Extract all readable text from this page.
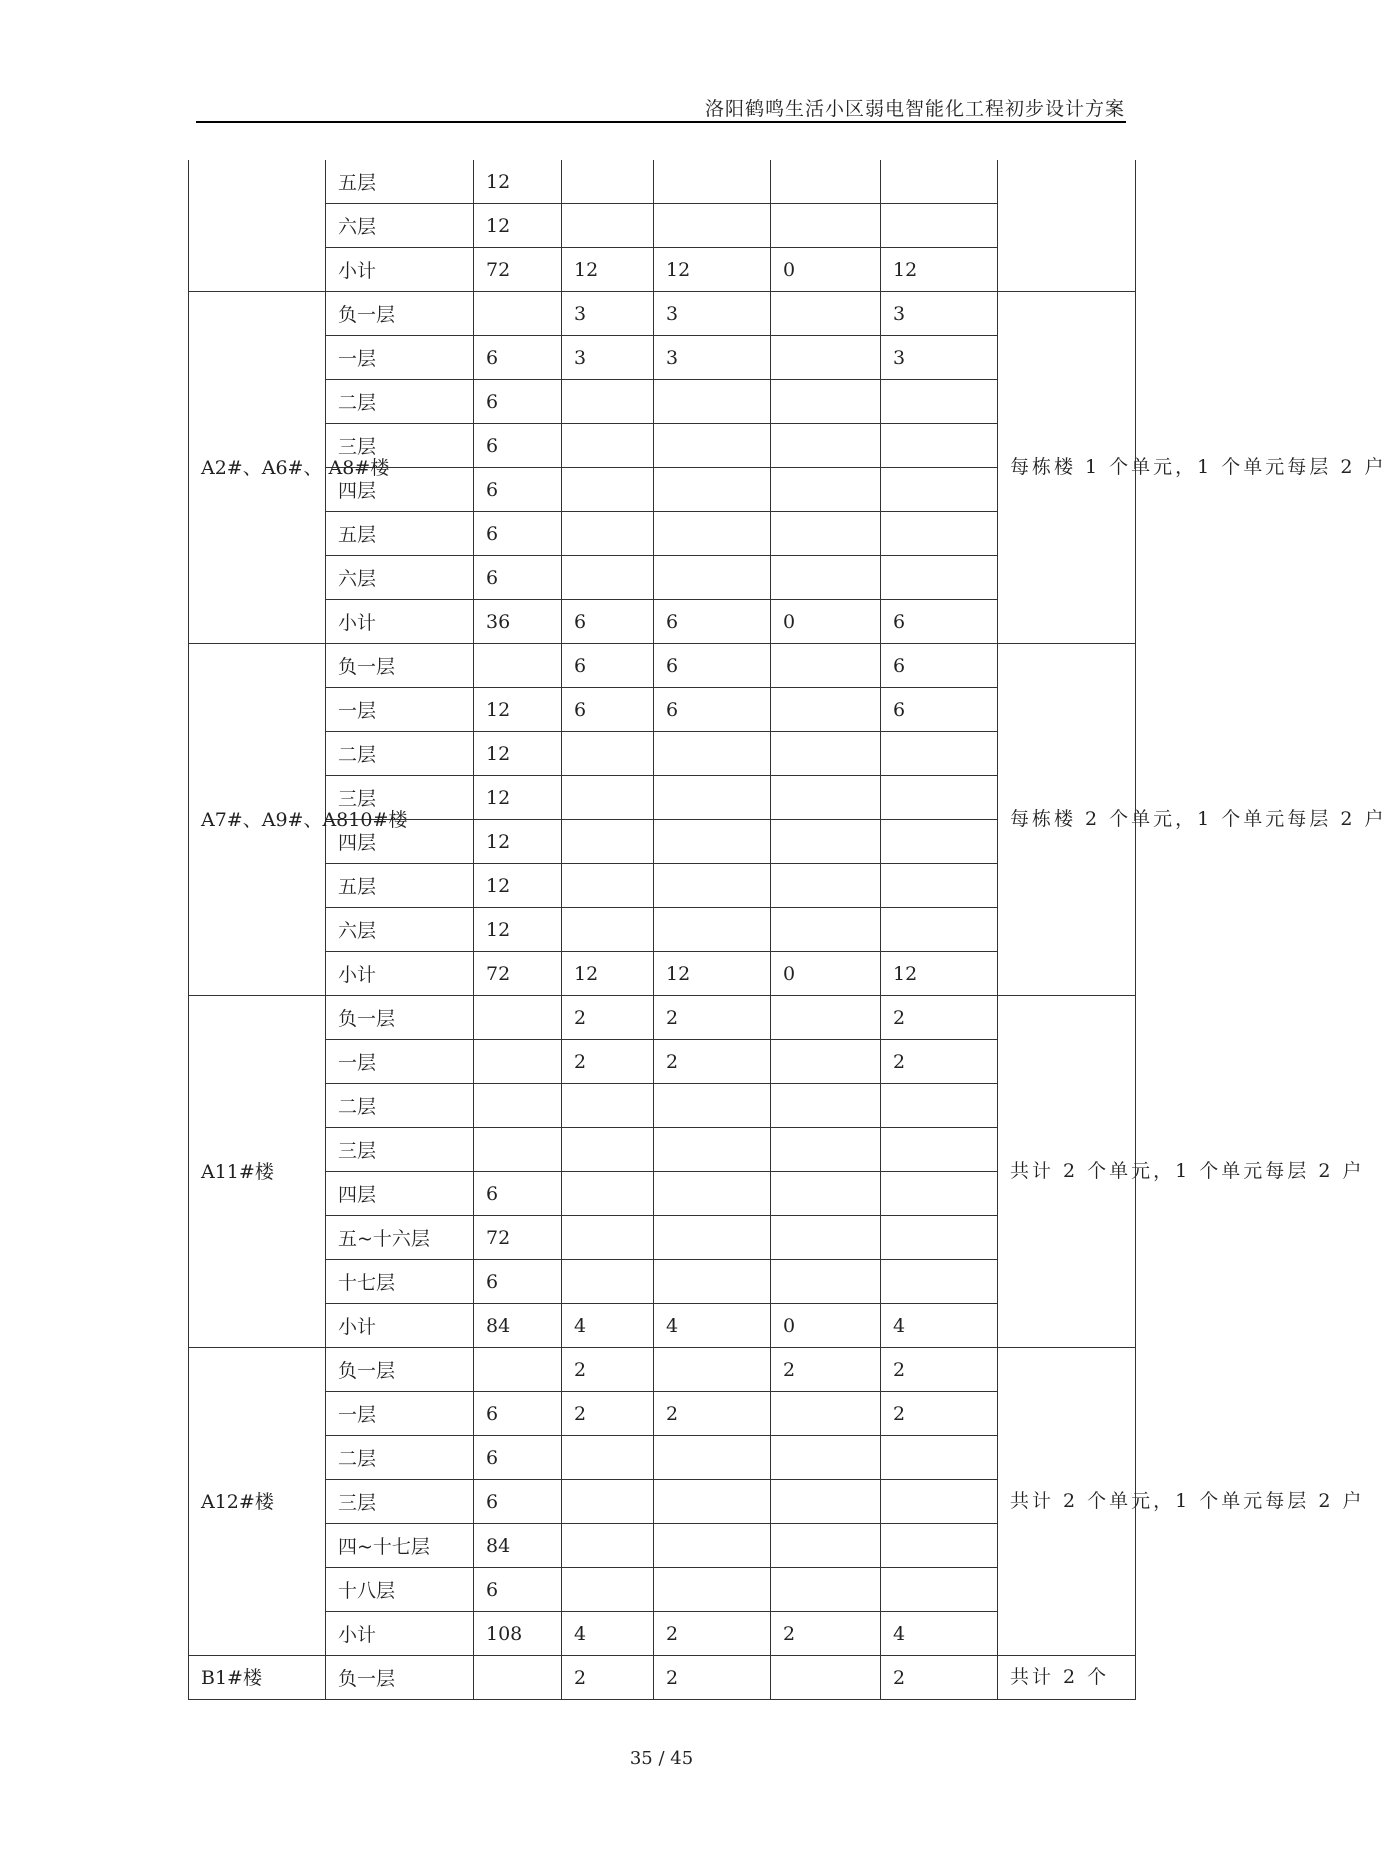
洛阳鹤鸣生活小区弱电智能化工程初步设计方案
	五层	12					
	六层	12					
	小计	72	12	12	0	12	
A2#、A6#、 A8#楼	负一层		3	3		3	每栋楼 1 个单元，1 个单元每层 2 户
	一层	6	3	3		3	
	二层	6					
	三层	6					
	四层	6					
	五层	6					
	六层	6					
	小计	36	6	6	0	6	
A7#、A9#、A810#楼	负一层		6	6		6	每栋楼 2 个单元，1 个单元每层 2 户
	一层	12	6	6		6	
	二层	12					
	三层	12					
	四层	12					
	五层	12					
	六层	12					
	小计	72	12	12	0	12	
A11#楼	负一层		2	2		2	共计 2 个单元，1 个单元每层 2 户
	一层		2	2		2	
	二层						
	三层						
	四层	6					
	五~十六层	72					
	十七层	6					
	小计	84	4	4	0	4	
A12#楼	负一层		2		2	2	共计 2 个单元，1 个单元每层 2 户
	一层	6	2	2		2	
	二层	6					
	三层	6					
	四~十七层	84					
	十八层	6					
	小计	108	4	2	2	4	
B1#楼	负一层		2	2		2	共计 2 个
35 / 45
